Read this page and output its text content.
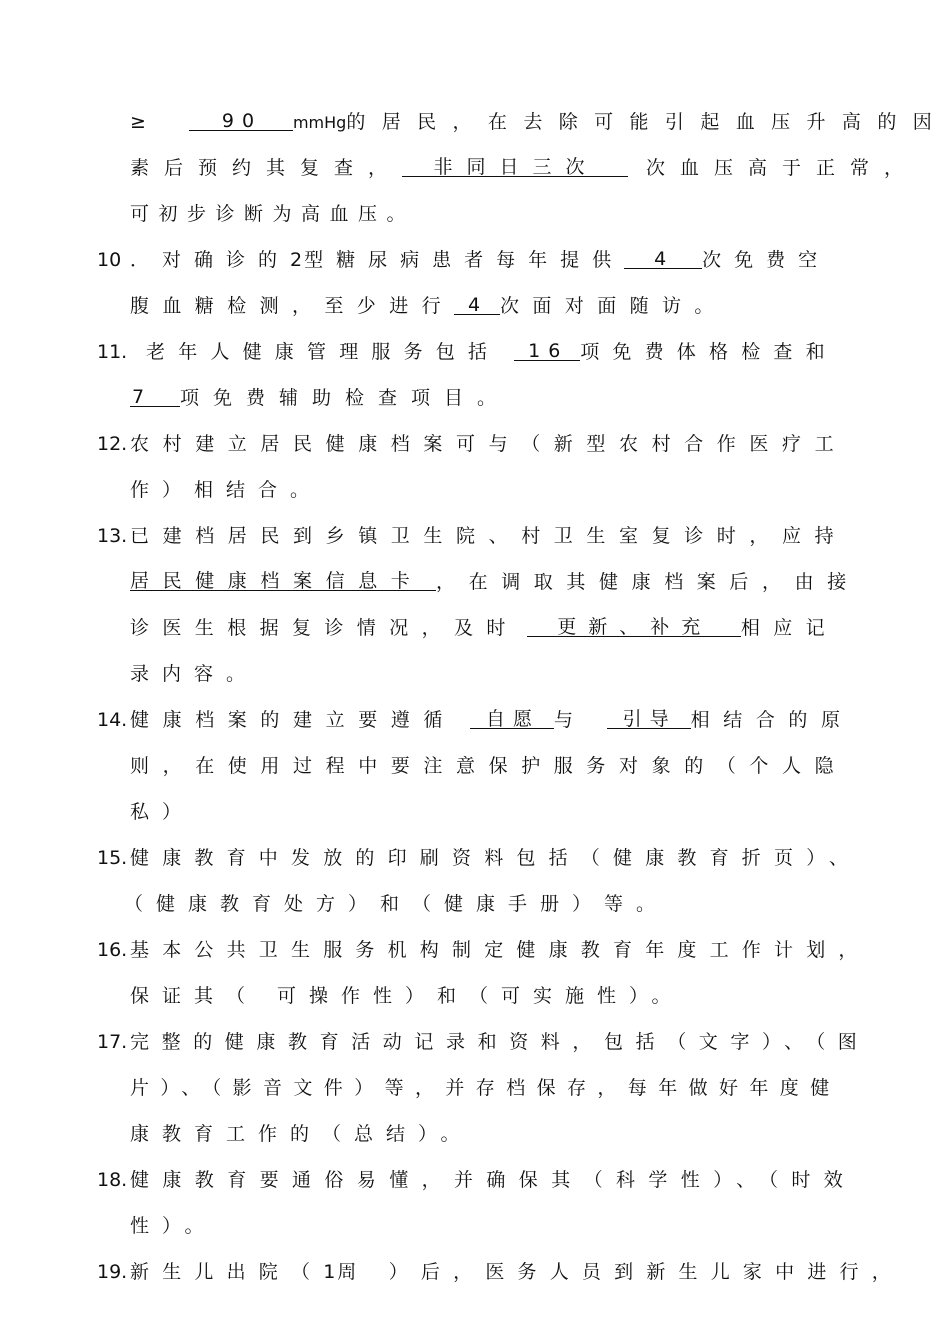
≥	90 mmHg的居民，在去除可能引起血压升高的因
素后预约其复查， 非同日三次	次血压高于正常，
可初步诊断为高血压。
10 ．对确诊的2型糖尿病患者每年提供 4 次免费空
腹血糖检测，至少进行 4 次面对面随访。
11. 老年人健康管理服务包括 16 项免费体格检查和
7 项免费辅助检查项目。
12. 农村建立居民健康档案可与（新型农村合作医疗工
作）相结合。
13. 已建档居民到乡镇卫生院、村卫生室复诊时，应持
居民健康档案信息卡 ，在调取其健康档案后，由接
诊医生根据复诊情况，及时 更新、补充 相应记
录内容。
14. 健康档案的建立要遵循 自愿 与 引导 相结合的原
则，在使用过程中要注意保护服务对象的（个人隐
私）
15. 健康教育中发放的印刷资料包括（健康教育折页）、
（健康教育处方）和（健康手册）等。
16. 基本公共卫生服务机构制定健康教育年度工作计划，
保证其（ 可操作性）和（可实施性）。
17. 完整的健康教育活动记录和资料，包括（文字）、（图
片）、（影音文件）等，并存档保存，每年做好年度健
康教育工作的（总结）。
18. 健康教育要通俗易懂，并确保其（科学性）、（时效
性）。
19. 新生儿出院（1周 ）后，医务人员到新生儿家中进行，
